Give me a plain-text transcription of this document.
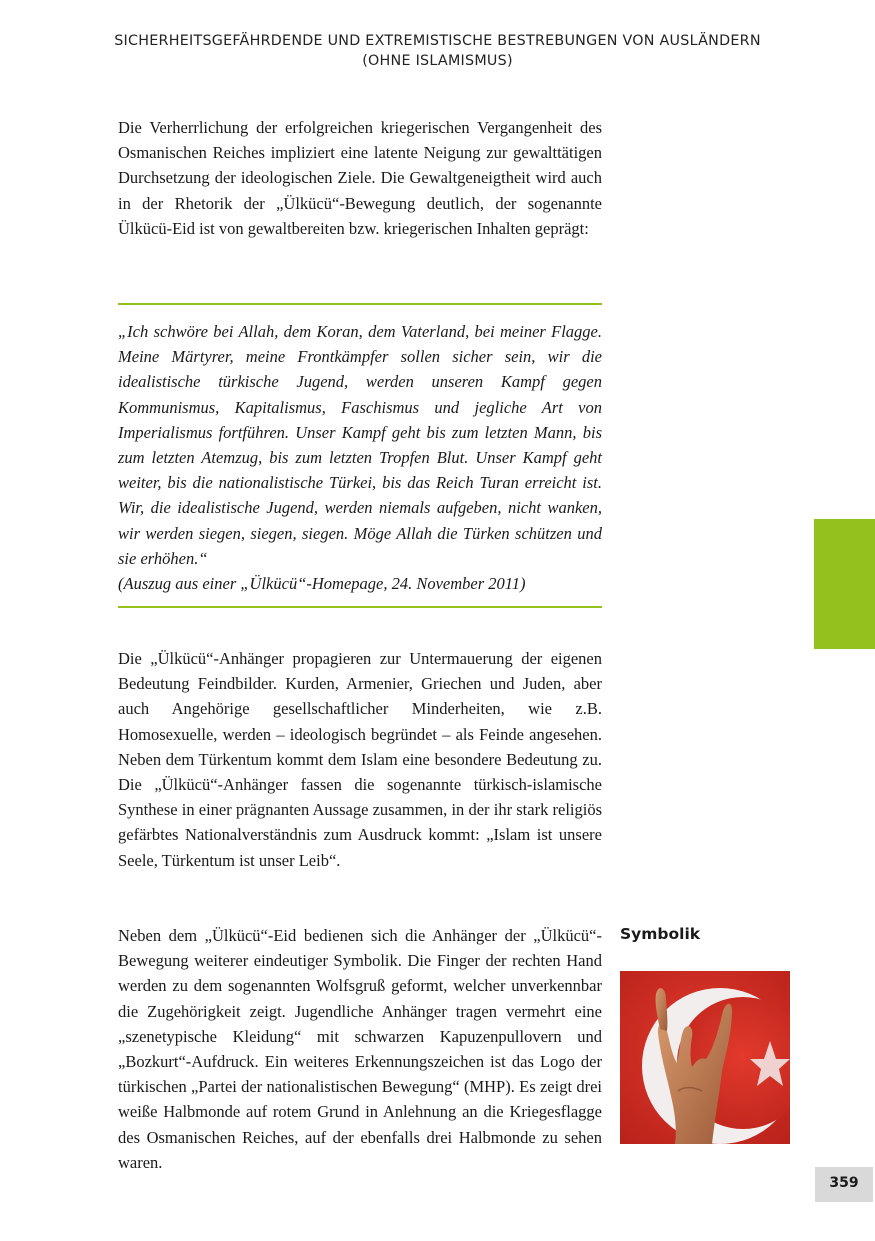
SICHERHEITSGEFÄHRDENDE UND EXTREMISTISCHE BESTREBUNGEN VON AUSLÄNDERN
(OHNE ISLAMISMUS)

Die Verherrlichung der erfolgreichen kriegerischen Vergangenheit des Osmanischen Reiches impliziert eine latente Neigung zur gewalttätigen Durchsetzung der ideologischen Ziele. Die Gewaltgeneigtheit wird auch in der Rhetorik der „Ülkücü“-Bewegung deutlich, der sogenannte Ülkücü-Eid ist von gewaltbereiten bzw. kriegerischen Inhalten geprägt:

„Ich schwöre bei Allah, dem Koran, dem Vaterland, bei meiner Flagge. Meine Märtyrer, meine Frontkämpfer sollen sicher sein, wir die idealistische türkische Jugend, werden unseren Kampf gegen Kommunismus, Kapitalismus, Faschismus und jegliche Art von Imperialismus fortführen. Unser Kampf geht bis zum letzten Mann, bis zum letzten Atemzug, bis zum letzten Tropfen Blut. Unser Kampf geht weiter, bis die nationalistische Türkei, bis das Reich Turan erreicht ist. Wir, die idealistische Jugend, werden niemals aufgeben, nicht wanken, wir werden siegen, siegen, siegen. Möge Allah die Türken schützen und sie erhöhen.“

(Auszug aus einer „Ülkücü“-Homepage, 24. November 2011)

Die „Ülkücü“-Anhänger propagieren zur Untermauerung der eigenen Bedeutung Feindbilder. Kurden, Armenier, Griechen und Juden, aber auch Angehörige gesellschaftlicher Minderheiten, wie z.B. Homosexuelle, werden – ideologisch begründet – als Feinde angesehen. Neben dem Türkentum kommt dem Islam eine besondere Bedeutung zu. Die „Ülkücü“-Anhänger fassen die sogenannte türkisch-islamische Synthese in einer prägnanten Aussage zusammen, in der ihr stark religiös gefärbtes Nationalverständnis zum Ausdruck kommt: „Islam ist unsere Seele, Türkentum ist unser Leib“.

Neben dem „Ülkücü“-Eid bedienen sich die Anhänger der „Ülkücü“-Bewegung weiterer eindeutiger Symbolik. Die Finger der rechten Hand werden zu dem sogenannten Wolfsgruß geformt, welcher unverkennbar die Zugehörigkeit zeigt. Jugendliche Anhänger tragen vermehrt eine „szenetypische Kleidung“ mit schwarzen Kapuzenpullovern und „Bozkurt“-Aufdruck. Ein weiteres Erkennungszeichen ist das Logo der türkischen „Partei der nationalistischen Bewegung“ (MHP). Es zeigt drei weiße Halbmonde auf rotem Grund in Anlehnung an die Kriegesflagge des Osmanischen Reiches, auf der ebenfalls drei Halbmonde zu sehen waren.

Symbolik
359
